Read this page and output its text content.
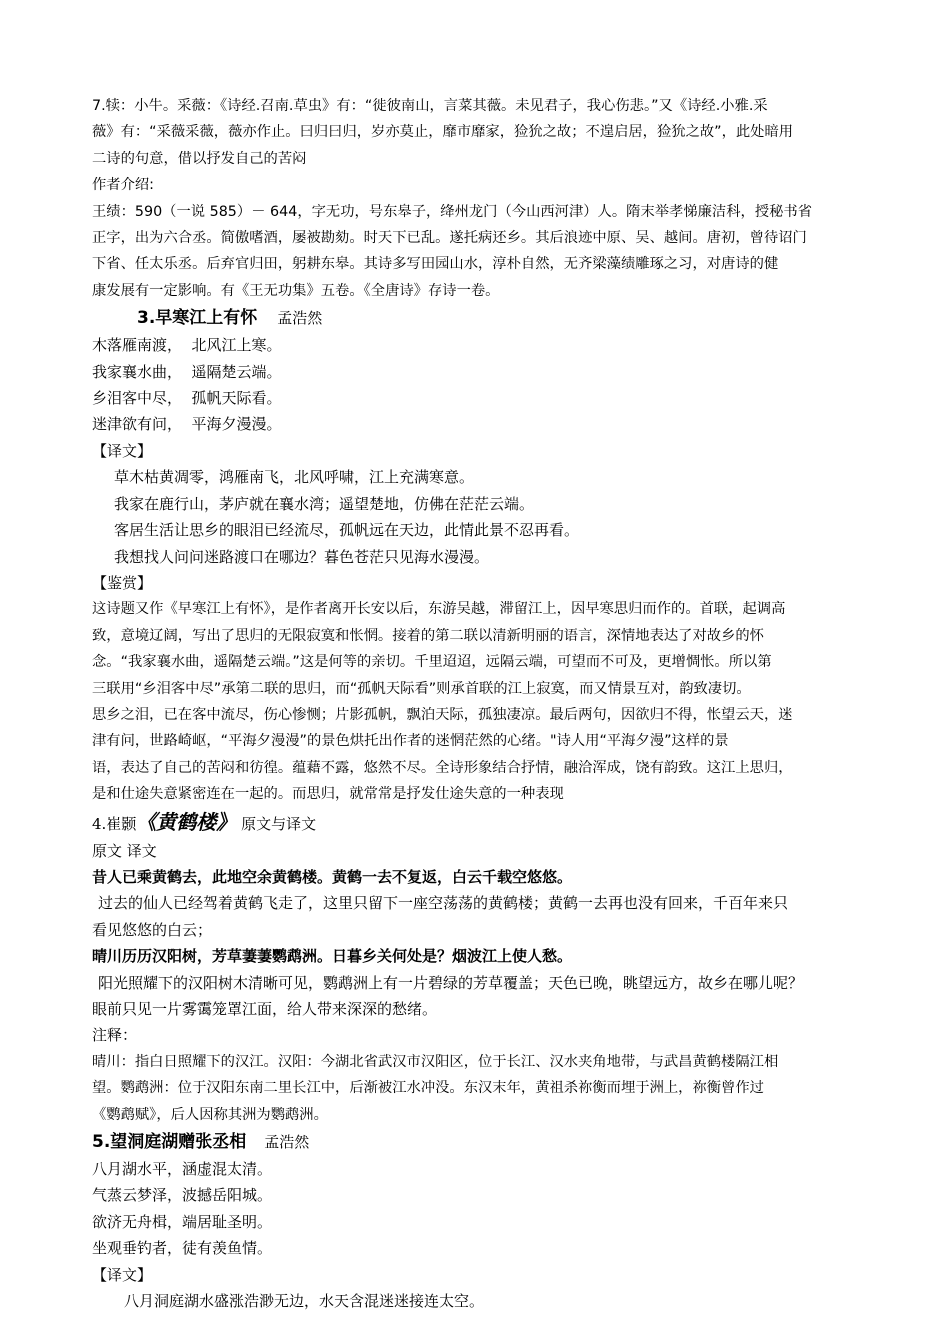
7.犊：小牛。采薇：《诗经.召南.草虫》有：“徙彼南山，言菜其薇。未见君子，我心伤悲。”又《诗经.小雅.采
薇》有：“采薇采薇，薇亦作止。曰归曰归，岁亦莫止，靡市靡家，猃狁之故；不遑启居，猃狁之故”，此处暗用
二诗的句意，借以抒发自己的苦闷
作者介绍:
王绩：590（一说 585）－ 644，字无功，号东皋子，绛州龙门（今山西河津）人。隋末举孝悌廉洁科，授秘书省
正字，出为六合丞。简傲嗜酒，屡被勘劾。时天下已乱。遂托病还乡。其后浪迹中原、吴、越间。唐初，曾待诏门
下省、任太乐丞。后弃官归田，躬耕东皋。其诗多写田园山水，淳朴自然，无齐梁藻绩雕琢之习，对唐诗的健
康发展有一定影响。有《王无功集》五卷。《全唐诗》存诗一卷。
3.早寒江上有怀 孟浩然
木落雁南渡，  北风江上寒。
我家襄水曲，  遥隔楚云端。
乡泪客中尽，  孤帆天际看。
迷津欲有问，  平海夕漫漫。
【译文】
草木枯黄凋零，鸿雁南飞，北风呼啸，江上充满寒意。
我家在鹿行山，茅庐就在襄水湾；遥望楚地，仿佛在茫茫云端。
客居生活让思乡的眼泪已经流尽，孤帆远在天边，此情此景不忍再看。
我想找人问问迷路渡口在哪边？暮色苍茫只见海水漫漫。
【鉴赏】
这诗题又作《早寒江上有怀》，是作者离开长安以后，东游吴越，滞留江上，因早寒思归而作的。首联，起调高
致，意境辽阔，写出了思归的无限寂寞和怅惘。接着的第二联以清新明丽的语言，深情地表达了对故乡的怀
念。“我家襄水曲，遥隔楚云端。”这是何等的亲切。千里迢迢，远隔云端，可望而不可及，更增惆怅。所以第
三联用“乡泪客中尽”承第二联的思归，而“孤帆天际看”则承首联的江上寂寞，而又情景互对，韵致凄切。
思乡之泪，已在客中流尽，伤心惨恻；片影孤帆，飘泊天际，孤独凄凉。最后两句，因欲归不得，怅望云天，迷
津有问，世路崎岖，“平海夕漫漫”的景色烘托出作者的迷惘茫然的心绪。"诗人用“平海夕漫”这样的景
语，表达了自己的苦闷和彷徨。蕴藉不露，悠然不尽。全诗形象结合抒情，融洽浑成，饶有韵致。这江上思归，
是和仕途失意紧密连在一起的。而思归，就常常是抒发仕途失意的一种表现
4.崔颢《黄鹤楼》 原文与译文
原文 译文
昔人已乘黄鹤去，此地空余黄鹤楼。黄鹤一去不复返，白云千载空悠悠。
过去的仙人已经驾着黄鹤飞走了，这里只留下一座空荡荡的黄鹤楼；黄鹤一去再也没有回来，千百年来只
看见悠悠的白云；
晴川历历汉阳树，芳草萋萋鹦鹉洲。日暮乡关何处是？烟波江上使人愁。
阳光照耀下的汉阳树木清晰可见，鹦鹉洲上有一片碧绿的芳草覆盖；天色已晚，眺望远方，故乡在哪儿呢？
眼前只见一片雾霭笼罩江面，给人带来深深的愁绪。
注释：
晴川：指白日照耀下的汉江。汉阳：今湖北省武汉市汉阳区，位于长江、汉水夹角地带，与武昌黄鹤楼隔江相
望。鹦鹉洲：位于汉阳东南二里长江中，后渐被江水冲没。东汉末年，黄祖杀祢衡而埋于洲上，祢衡曾作过
《鹦鹉赋》，后人因称其洲为鹦鹉洲。
5.望洞庭湖赠张丞相 孟浩然
八月湖水平，涵虚混太清。
气蒸云梦泽，波撼岳阳城。
欲济无舟楫，端居耻圣明。
坐观垂钓者，徒有羡鱼情。
【译文】
八月洞庭湖水盛涨浩渺无边，水天含混迷迷接连太空。
